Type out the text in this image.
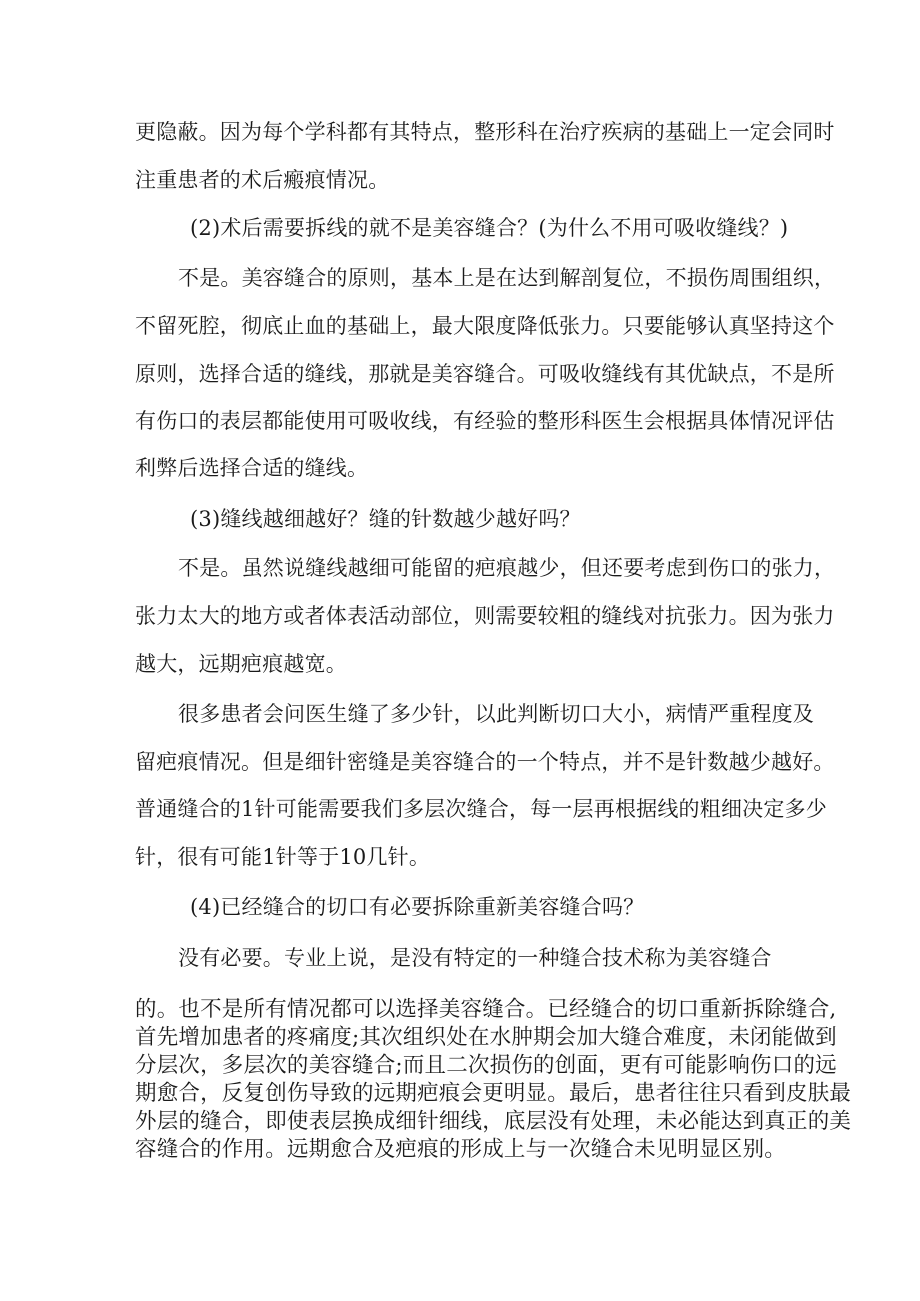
更隐蔽。因为每个学科都有其特点，整形科在治疗疾病的基础上一定会同时
注重患者的术后瘢痕情况。
(2)术后需要拆线的就不是美容缝合？(为什么不用可吸收缝线？)
不是。美容缝合的原则，基本上是在达到解剖复位，不损伤周围组织，
不留死腔，彻底止血的基础上，最大限度降低张力。只要能够认真坚持这个
原则，选择合适的缝线，那就是美容缝合。可吸收缝线有其优缺点，不是所
有伤口的表层都能使用可吸收线，有经验的整形科医生会根据具体情况评估
利弊后选择合适的缝线。
(3)缝线越细越好？缝的针数越少越好吗？
不是。虽然说缝线越细可能留的疤痕越少，但还要考虑到伤口的张力，
张力太大的地方或者体表活动部位，则需要较粗的缝线对抗张力。因为张力
越大，远期疤痕越宽。
很多患者会问医生缝了多少针，以此判断切口大小，病情严重程度及
留疤痕情况。但是细针密缝是美容缝合的一个特点，并不是针数越少越好。
普通缝合的1针可能需要我们多层次缝合，每一层再根据线的粗细决定多少
针，很有可能1针等于10几针。
(4)已经缝合的切口有必要拆除重新美容缝合吗？
没有必要。专业上说，是没有特定的一种缝合技术称为美容缝合
的。也不是所有情况都可以选择美容缝合。已经缝合的切口重新拆除缝合,
首先增加患者的疼痛度;其次组织处在水肿期会加大缝合难度，未闭能做到
分层次，多层次的美容缝合;而且二次损伤的创面，更有可能影响伤口的远
期愈合，反复创伤导致的远期疤痕会更明显。最后，患者往往只看到皮肤最
外层的缝合，即使表层换成细针细线，底层没有处理，未必能达到真正的美
容缝合的作用。远期愈合及疤痕的形成上与一次缝合未见明显区别。
